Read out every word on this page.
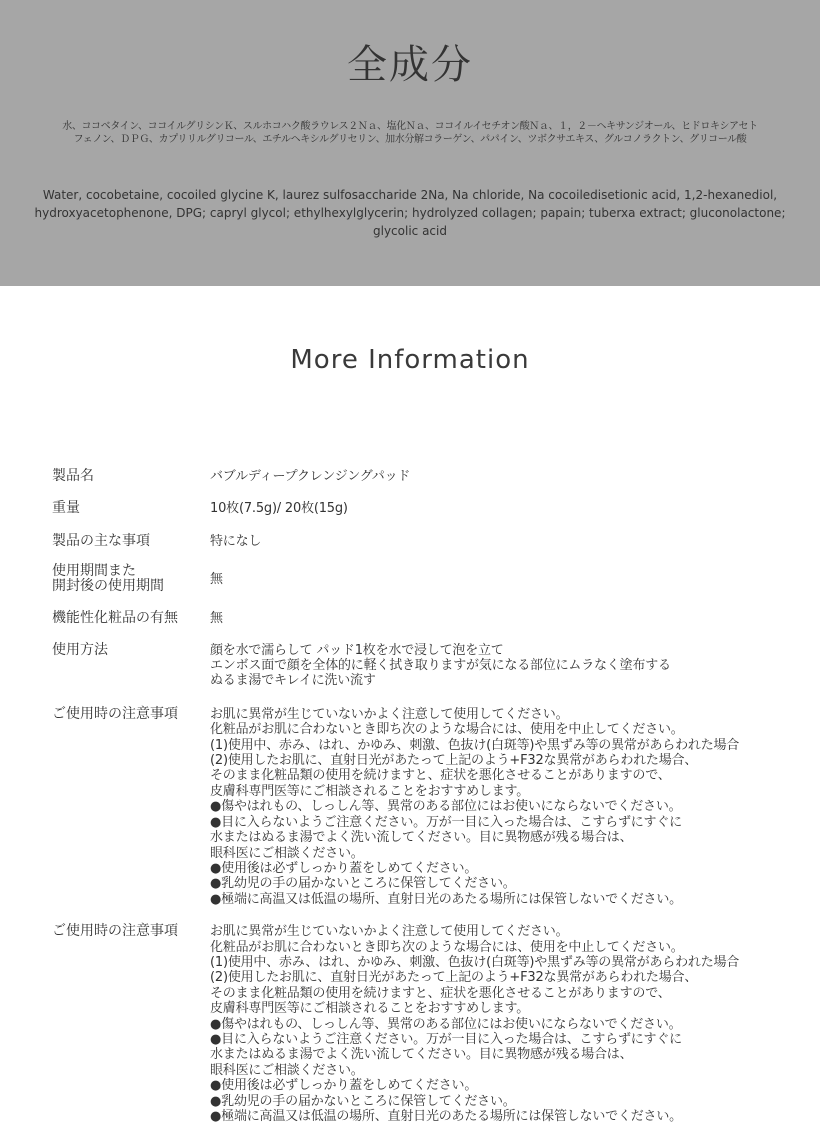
全成分
水、ココベタイン、ココイルグリシンＫ、スルホコハク酸ラウレス２Ｎａ、塩化Ｎａ、ココイルイセチオン酸Ｎａ、１，２－ヘキサンジオール、ヒドロキシアセトフェノン、ＤＰＧ、カプリリルグリコール、エチルヘキシルグリセリン、加水分解コラーゲン、パパイン、ツボクサエキス、グルコノラクトン、グリコール酸
Water, cocobetaine, cocoiled glycine K, laurez sulfosaccharide 2Na, Na chloride, Na cocoiledisetionic acid, 1,2-hexanediol, hydroxyacetophenone, DPG; capryl glycol; ethylhexylglycerin; hydrolyzed collagen; papain; tuberxa extract; gluconolactone; glycolic acid
More Information
製品名	バブルディープクレンジングパッド
重量	10枚(7.5g)/ 20枚(15g)
製品の主な事項	特になし
使用期間また
開封後の使用期間	無
機能性化粧品の有無	無
使用方法	顔を水で濡らして パッド1枚を水で浸して泡を立て
エンボス面で顔を全体的に軽く拭き取りますが気になる部位にムラなく塗布する
ぬるま湯でキレイに洗い流す
ご使用時の注意事項	お肌に異常が生じていないかよく注意して使用してください。
化粧品がお肌に合わないとき即ち次のような場合には、使用を中止してください。
(1)使用中、赤み、はれ、かゆみ、刺激、色抜け(白斑等)や黒ずみ等の異常があらわれた場合
(2)使用したお肌に、直射日光があたって上記のよう+F32な異常があらわれた場合、
そのまま化粧品類の使用を続けますと、症状を悪化させることがありますので、
皮膚科専門医等にご相談されることをおすすめします。
●傷やはれもの、しっしん等、異常のある部位にはお使いにならないでください。
●目に入らないようご注意ください。万が一目に入った場合は、こすらずにすぐに
水またはぬるま湯でよく洗い流してください。目に異物感が残る場合は、
眼科医にご相談ください。
●使用後は必ずしっかり蓋をしめてください。
●乳幼児の手の届かないところに保管してください。
●極端に高温又は低温の場所、直射日光のあたる場所には保管しないでください。
ご使用時の注意事項	お肌に異常が生じていないかよく注意して使用してください。
化粧品がお肌に合わないとき即ち次のような場合には、使用を中止してください。
(1)使用中、赤み、はれ、かゆみ、刺激、色抜け(白斑等)や黒ずみ等の異常があらわれた場合
(2)使用したお肌に、直射日光があたって上記のよう+F32な異常があらわれた場合、
そのまま化粧品類の使用を続けますと、症状を悪化させることがありますので、
皮膚科専門医等にご相談されることをおすすめします。
●傷やはれもの、しっしん等、異常のある部位にはお使いにならないでください。
●目に入らないようご注意ください。万が一目に入った場合は、こすらずにすぐに
水またはぬるま湯でよく洗い流してください。目に異物感が残る場合は、
眼科医にご相談ください。
●使用後は必ずしっかり蓋をしめてください。
●乳幼児の手の届かないところに保管してください。
●極端に高温又は低温の場所、直射日光のあたる場所には保管しないでください。
